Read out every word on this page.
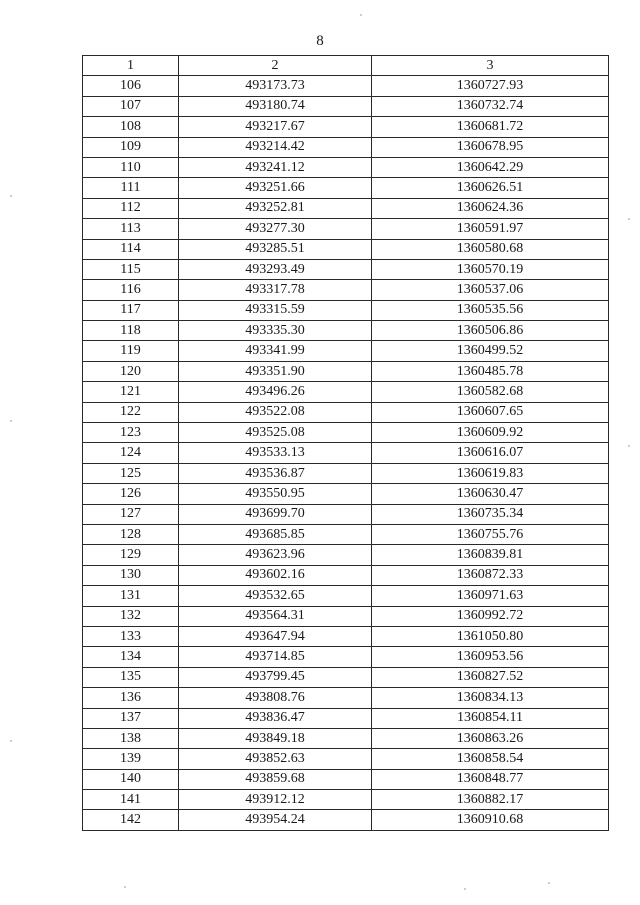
8
1	2	3
106	493173.73	1360727.93
107	493180.74	1360732.74
108	493217.67	1360681.72
109	493214.42	1360678.95
110	493241.12	1360642.29
111	493251.66	1360626.51
112	493252.81	1360624.36
113	493277.30	1360591.97
114	493285.51	1360580.68
115	493293.49	1360570.19
116	493317.78	1360537.06
117	493315.59	1360535.56
118	493335.30	1360506.86
119	493341.99	1360499.52
120	493351.90	1360485.78
121	493496.26	1360582.68
122	493522.08	1360607.65
123	493525.08	1360609.92
124	493533.13	1360616.07
125	493536.87	1360619.83
126	493550.95	1360630.47
127	493699.70	1360735.34
128	493685.85	1360755.76
129	493623.96	1360839.81
130	493602.16	1360872.33
131	493532.65	1360971.63
132	493564.31	1360992.72
133	493647.94	1361050.80
134	493714.85	1360953.56
135	493799.45	1360827.52
136	493808.76	1360834.13
137	493836.47	1360854.11
138	493849.18	1360863.26
139	493852.63	1360858.54
140	493859.68	1360848.77
141	493912.12	1360882.17
142	493954.24	1360910.68
